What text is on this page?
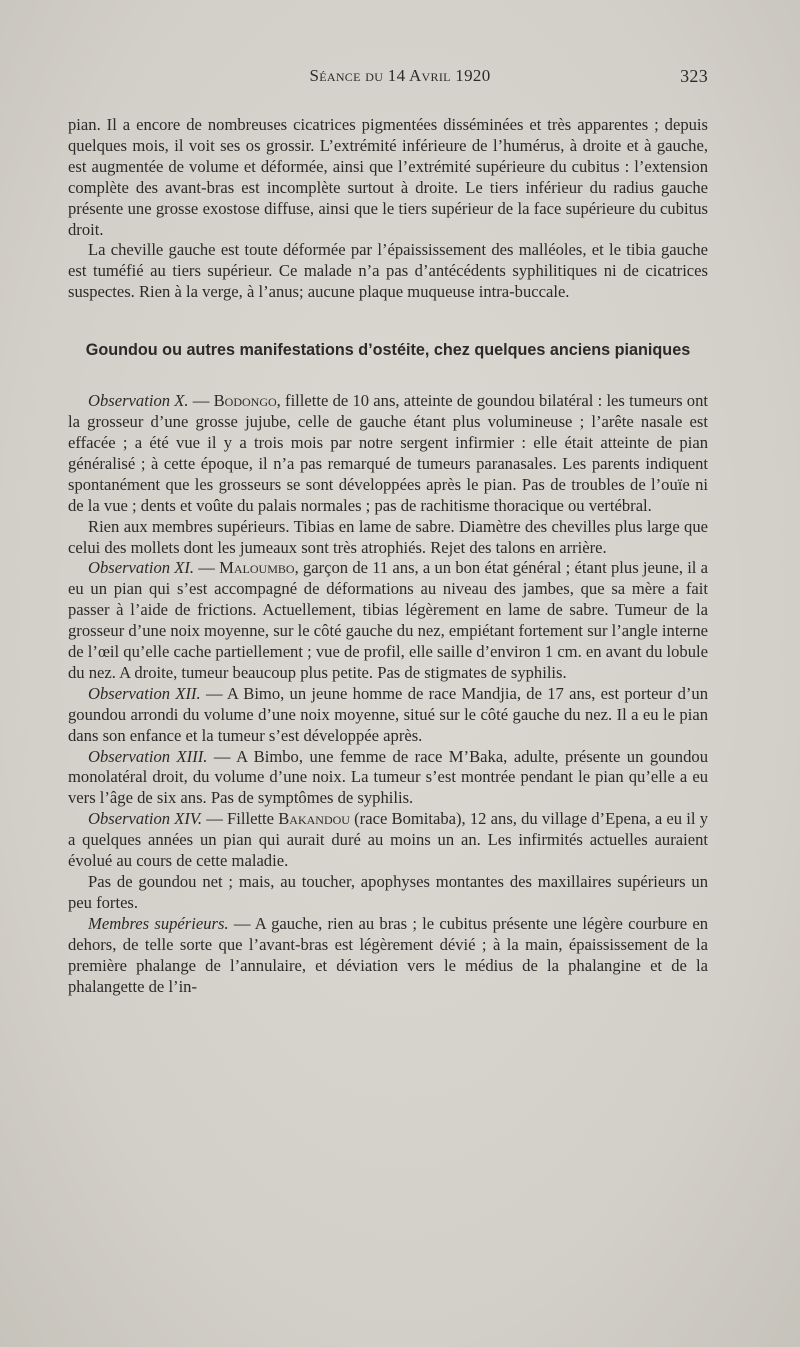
Séance du 14 Avril 1920	323

pian. Il a encore de nombreuses cicatrices pigmentées disséminées et très apparentes ; depuis quelques mois, il voit ses os grossir. L’extrémité inférieure de l’humérus, à droite et à gauche, est augmentée de volume et déformée, ainsi que l’extrémité supérieure du cubitus : l’extension complète des avant-bras est incomplète surtout à droite. Le tiers inférieur du radius gauche présente une grosse exostose diffuse, ainsi que le tiers supérieur de la face supérieure du cubitus droit.

La cheville gauche est toute déformée par l’épaississement des malléoles, et le tibia gauche est tuméfié au tiers supérieur. Ce malade n’a pas d’antécédents syphilitiques ni de cicatrices suspectes. Rien à la verge, à l’anus; aucune plaque muqueuse intra-buccale.

Goundou ou autres manifestations d’ostéite, chez quelques anciens pianiques

Observation X. — Bodongo, fillette de 10 ans, atteinte de goundou bilatéral : les tumeurs ont la grosseur d’une grosse jujube, celle de gauche étant plus volumineuse ; l’arête nasale est effacée ; a été vue il y a trois mois par notre sergent infirmier : elle était atteinte de pian généralisé ; à cette époque, il n’a pas remarqué de tumeurs paranasales. Les parents indiquent spontanément que les grosseurs se sont développées après le pian. Pas de troubles de l’ouïe ni de la vue ; dents et voûte du palais normales ; pas de rachitisme thoracique ou vertébral.

Rien aux membres supérieurs. Tibias en lame de sabre. Diamètre des chevilles plus large que celui des mollets dont les jumeaux sont très atrophiés. Rejet des talons en arrière.

Observation XI. — Maloumbo, garçon de 11 ans, a un bon état général ; étant plus jeune, il a eu un pian qui s’est accompagné de déformations au niveau des jambes, que sa mère a fait passer à l’aide de frictions. Actuellement, tibias légèrement en lame de sabre. Tumeur de la grosseur d’une noix moyenne, sur le côté gauche du nez, empiétant fortement sur l’angle interne de l’œil qu’elle cache partiellement ; vue de profil, elle saille d’environ 1 cm. en avant du lobule du nez. A droite, tumeur beaucoup plus petite. Pas de stigmates de syphilis.

Observation XII. — A Bimo, un jeune homme de race Mandjia, de 17 ans, est porteur d’un goundou arrondi du volume d’une noix moyenne, situé sur le côté gauche du nez. Il a eu le pian dans son enfance et la tumeur s’est développée après.

Observation XIII. — A Bimbo, une femme de race M’Baka, adulte, présente un goundou monolatéral droit, du volume d’une noix. La tumeur s’est montrée pendant le pian qu’elle a eu vers l’âge de six ans. Pas de symptômes de syphilis.

Observation XIV. — Fillette Bakandou (race Bomitaba), 12 ans, du village d’Epena, a eu il y a quelques années un pian qui aurait duré au moins un an. Les infirmités actuelles auraient évolué au cours de cette maladie.

Pas de goundou net ; mais, au toucher, apophyses montantes des maxillaires supérieurs un peu fortes.

Membres supérieurs. — A gauche, rien au bras ; le cubitus présente une légère courbure en dehors, de telle sorte que l’avant-bras est légèrement dévié ; à la main, épaississement de la première phalange de l’annulaire, et déviation vers le médius de la phalangine et de la phalangette de l’in-
